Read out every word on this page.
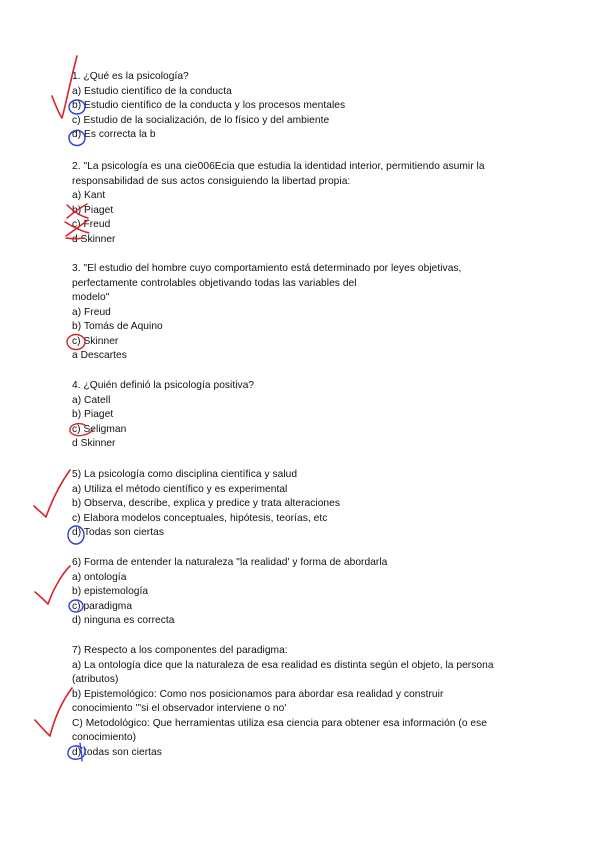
1. ¿Qué es la psicología?
a) Estudio científico de la conducta
b) Estudio científico de la conducta y los procesos mentales
c) Estudio de la socialización, de lo físico y del ambiente
d) Es correcta la b
2. "La psicología es una cie006Ecia que estudia la identidad interior, permitiendo asumir la
responsabilidad de sus actos consiguiendo la libertad propia:
a) Kant
b) Piaget
c) Freud
d Skinner
3. "El estudio del hombre cuyo comportamiento está determinado por leyes objetivas,
perfectamente controlables objetivando todas las variables del
modelo"
a) Freud
b) Tomás de Aquino
c) Skinner
a Descartes
4. ¿Quién definió la psicología positiva?
a) Catell
b) Piaget
c) Seligman
d Skinner
5) La psicología como disciplina científica y salud
a) Utiliza el método científico y es experimental
b) Observa, describe, explica y predice y trata alteraciones
c) Elabora modelos conceptuales, hipótesis, teorías, etc
d) Todas son ciertas
6) Forma de entender la naturaleza "la realidad' y forma de abordarla
a) ontología
b) epistemología
c) paradigma
d) ninguna es correcta
7) Respecto a los componentes del paradigma:
a) La ontología dice que la naturaleza de esa realidad es distinta según el objeto, la persona
(atributos)
b) Epistemológico: Como nos posicionamos para abordar esa realidad y construir
conocimiento '"si el observador interviene o no'
C) Metodológico: Que herramientas utiliza esa ciencia para obtener esa información (o ese
conocimiento)
d) todas son ciertas
